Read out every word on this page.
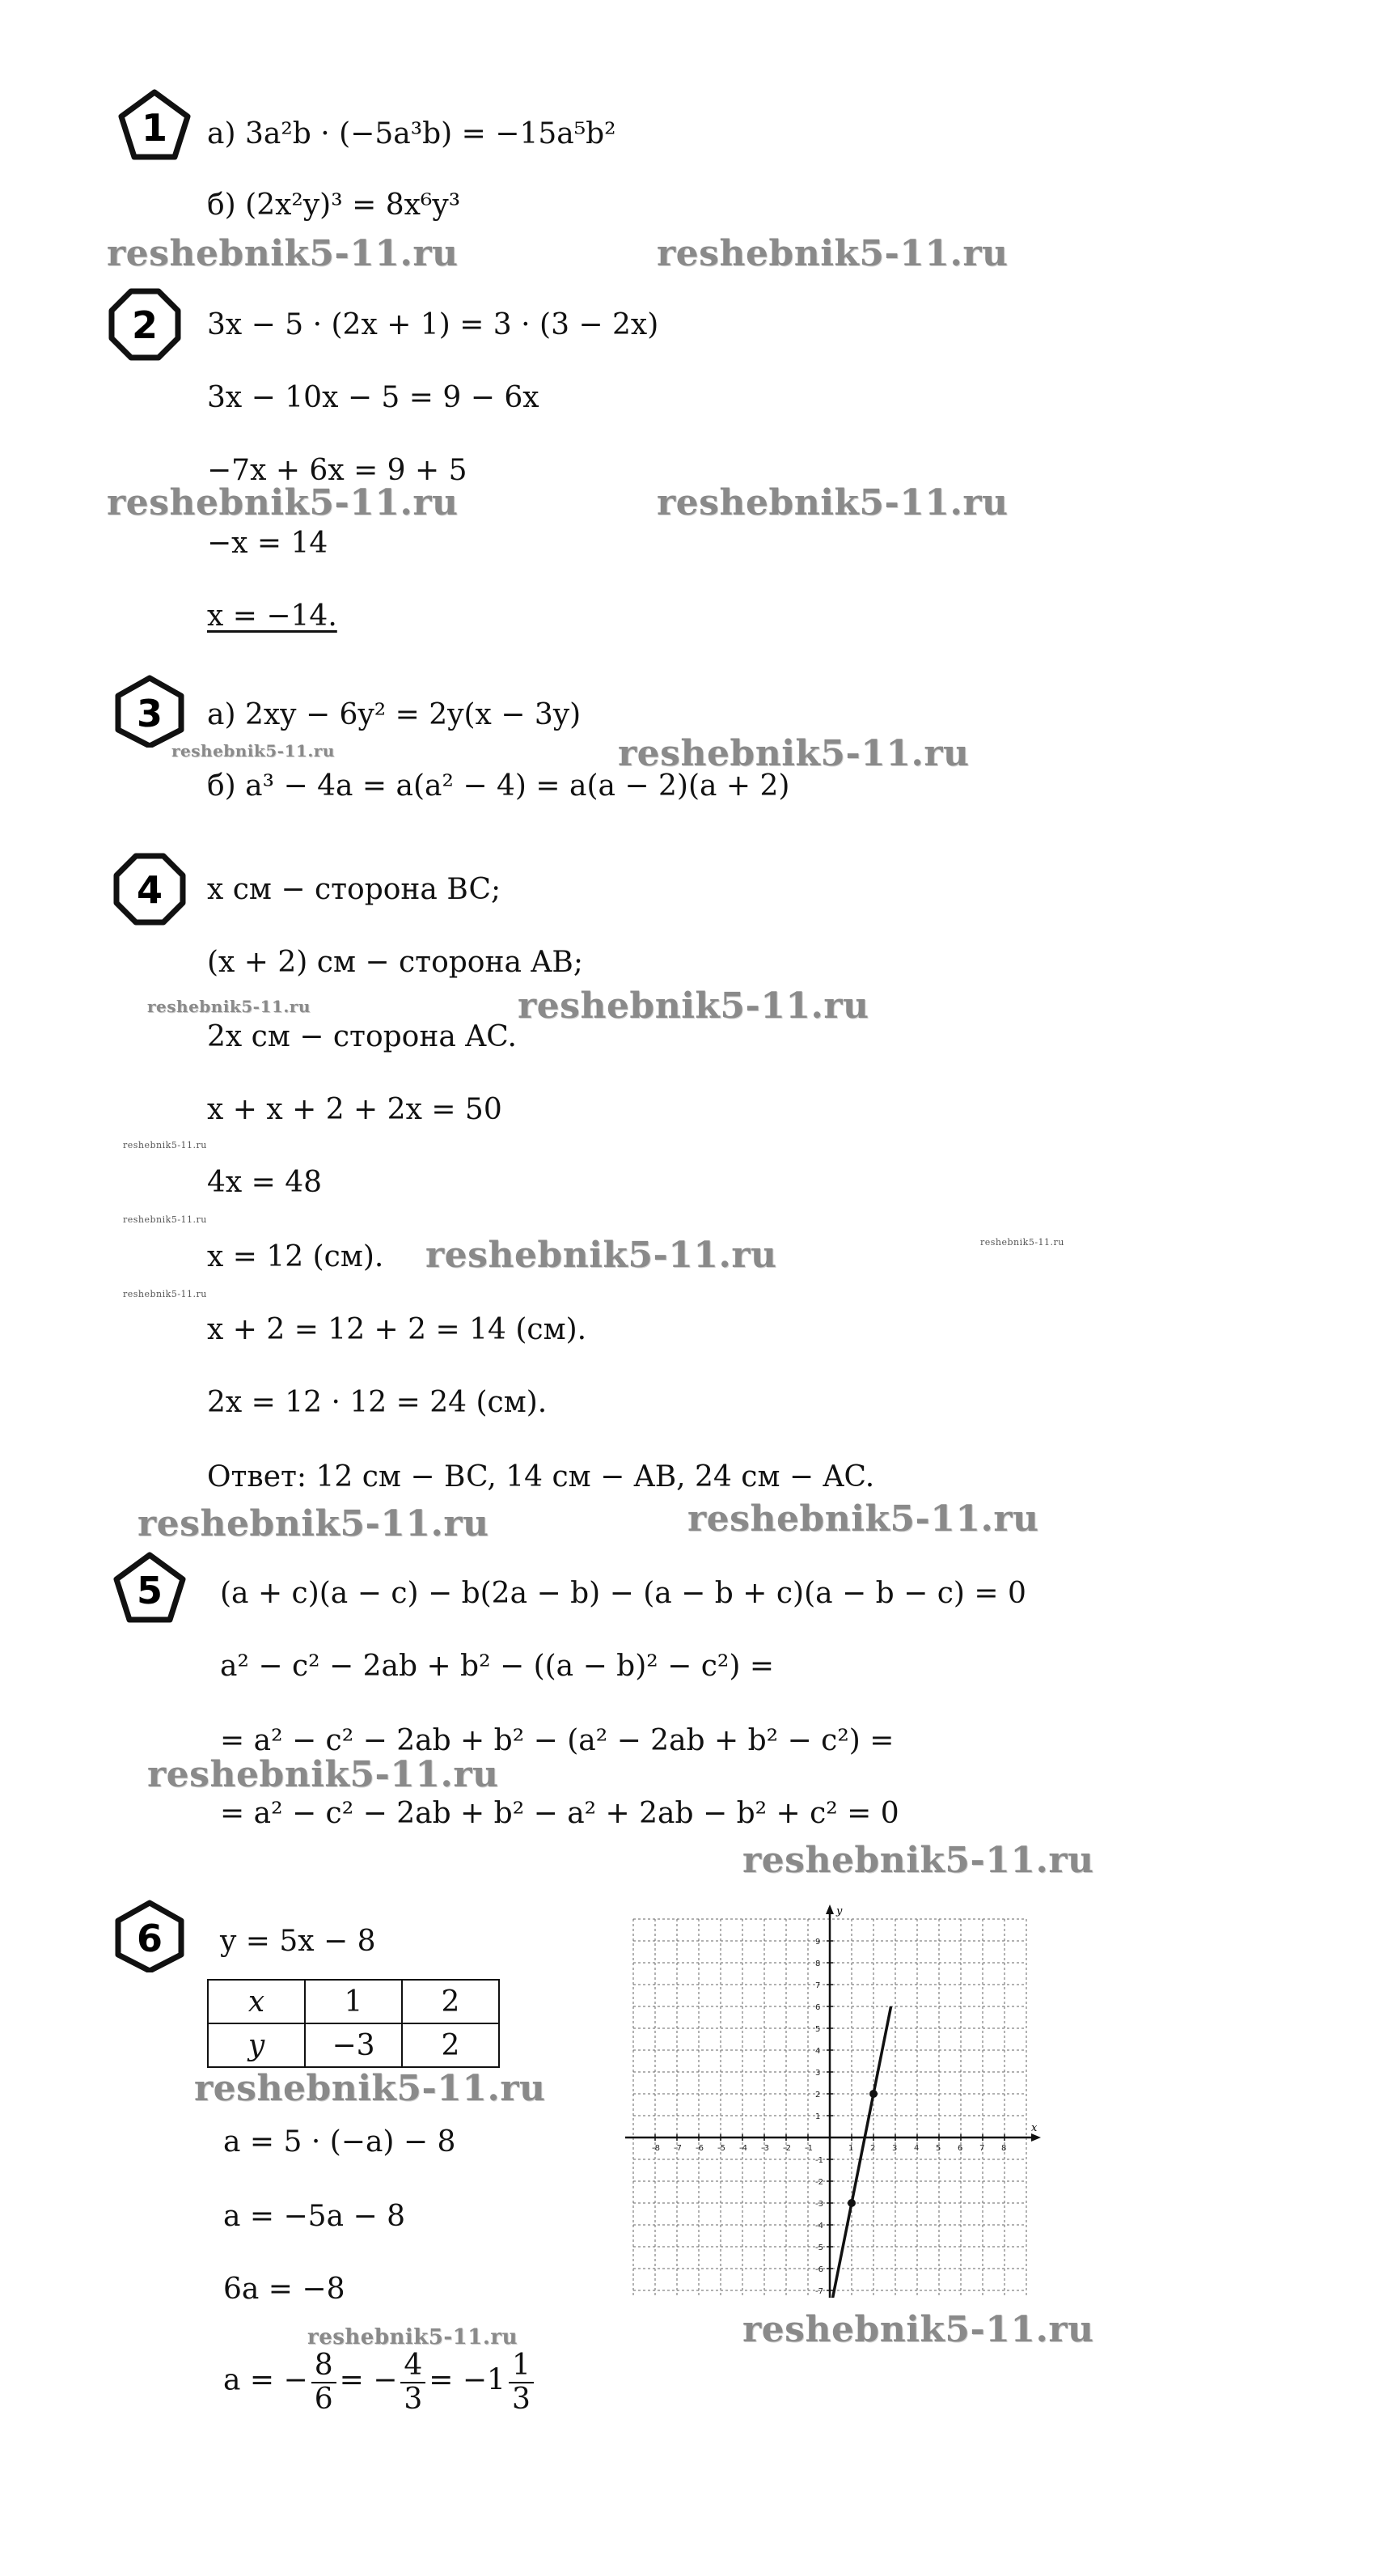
1 а) 3a²b · (−5a³b) = −15a⁵b²
б) (2x²y)³ = 8x⁶y³
reshebnik5-11.ru	reshebnik5-11.ru
2 3x − 5 · (2x + 1) = 3 · (3 − 2x)
3x − 10x − 5 = 9 − 6x
−7x + 6x = 9 + 5
reshebnik5-11.ru	reshebnik5-11.ru
−x = 14
x = −14.
3 а) 2xy − 6y² = 2y(x − 3y)
reshebnik5-11.ru	reshebnik5-11.ru
б) a³ − 4a = a(a² − 4) = a(a − 2)(a + 2)
4 x см − сторона BC;
(x + 2) см − сторона AB;
reshebnik5-11.ru	reshebnik5-11.ru
2x см − сторона AC.
x + x + 2 + 2x = 50
reshebnik5-11.ru
4x = 48
reshebnik5-11.ru
x = 12 (см). reshebnik5-11.ru	reshebnik5-11.ru
reshebnik5-11.ru
x + 2 = 12 + 2 = 14 (см).
2x = 12 · 12 = 24 (см).
Ответ: 12 см − BC, 14 см − AB, 24 см − AC.
reshebnik5-11.ru	reshebnik5-11.ru
5 (a + c)(a − c) − b(2a − b) − (a − b + c)(a − b − c) = 0
a² − c² − 2ab + b² − ((a − b)² − c²) =
= a² − c² − 2ab + b² − (a² − 2ab + b² − c²) =
reshebnik5-11.ru
= a² − c² − 2ab + b² − a² + 2ab − b² + c² = 0
reshebnik5-11.ru
6 y = 5x − 8
x	1	2
y	−3	2
reshebnik5-11.ru
a = 5 · (−a) − 8
a = −5a − 8
6a = −8
reshebnik5-11.ru
a = − $\frac{8}{6}$ = − $\frac{4}{3} = -1 \frac{1}{3}$
x
y
-8 -7 -6 -5 -4 -3 -2 -1	1 2 3 4 5 6 7 8
-7
-6
-5
-4
-3
-2
-1
1
2
3
4
5
6
7
8
9
reshebnik5-11.ru
